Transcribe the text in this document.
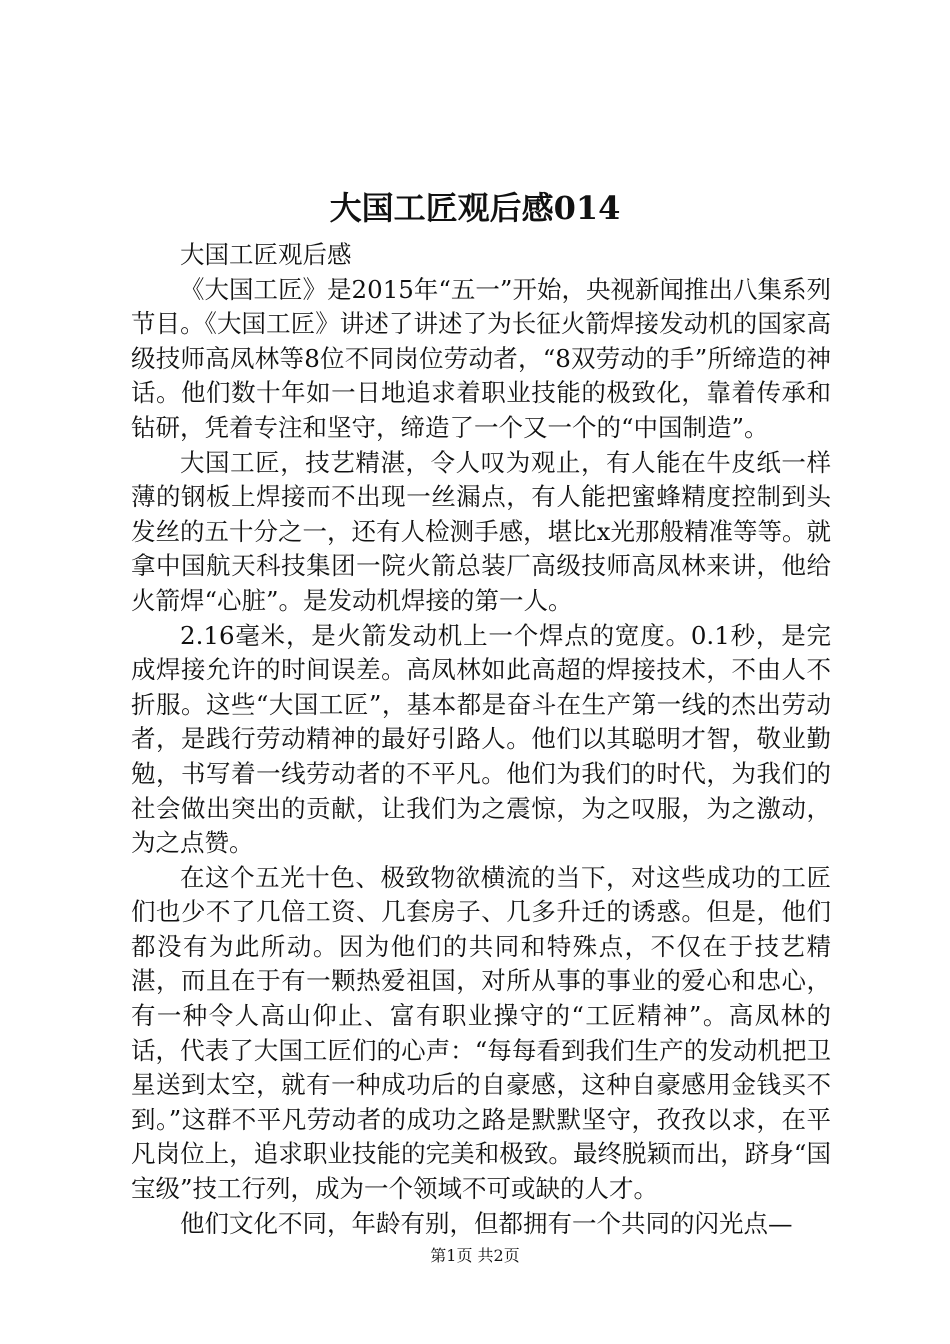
大国工匠观后感014

大国工匠观后感

《大国工匠》是2015年“五一”开始，央视新闻推出八集系列节目。《大国工匠》讲述了讲述了为长征火箭焊接发动机的国家高级技师高凤林等8位不同岗位劳动者，“8双劳动的手”所缔造的神话。他们数十年如一日地追求着职业技能的极致化，靠着传承和钻研，凭着专注和坚守，缔造了一个又一个的“中国制造”。

大国工匠，技艺精湛，令人叹为观止，有人能在牛皮纸一样薄的钢板上焊接而不出现一丝漏点，有人能把蜜蜂精度控制到头发丝的五十分之一，还有人检测手感，堪比x光那般精准等等。就拿中国航天科技集团一院火箭总装厂高级技师高凤林来讲，他给火箭焊“心脏”。是发动机焊接的第一人。

2.16毫米，是火箭发动机上一个焊点的宽度。0.1秒，是完成焊接允许的时间误差。高凤林如此高超的焊接技术，不由人不折服。这些“大国工匠”，基本都是奋斗在生产第一线的杰出劳动者，是践行劳动精神的最好引路人。他们以其聪明才智，敬业勤勉，书写着一线劳动者的不平凡。他们为我们的时代，为我们的社会做出突出的贡献，让我们为之震惊，为之叹服，为之激动，为之点赞。

在这个五光十色、极致物欲横流的当下，对这些成功的工匠们也少不了几倍工资、几套房子、几多升迁的诱惑。但是，他们都没有为此所动。因为他们的共同和特殊点，不仅在于技艺精湛，而且在于有一颗热爱祖国，对所从事的事业的爱心和忠心，有一种令人高山仰止、富有职业操守的“工匠精神”。高凤林的话，代表了大国工匠们的心声：“每每看到我们生产的发动机把卫星送到太空，就有一种成功后的自豪感，这种自豪感用金钱买不到。”这群不平凡劳动者的成功之路是默默坚守，孜孜以求，在平凡岗位上，追求职业技能的完美和极致。最终脱颖而出，跻身“国宝级”技工行列，成为一个领域不可或缺的人才。

他们文化不同，年龄有别，但都拥有一个共同的闪光点—

第1页 共2页
